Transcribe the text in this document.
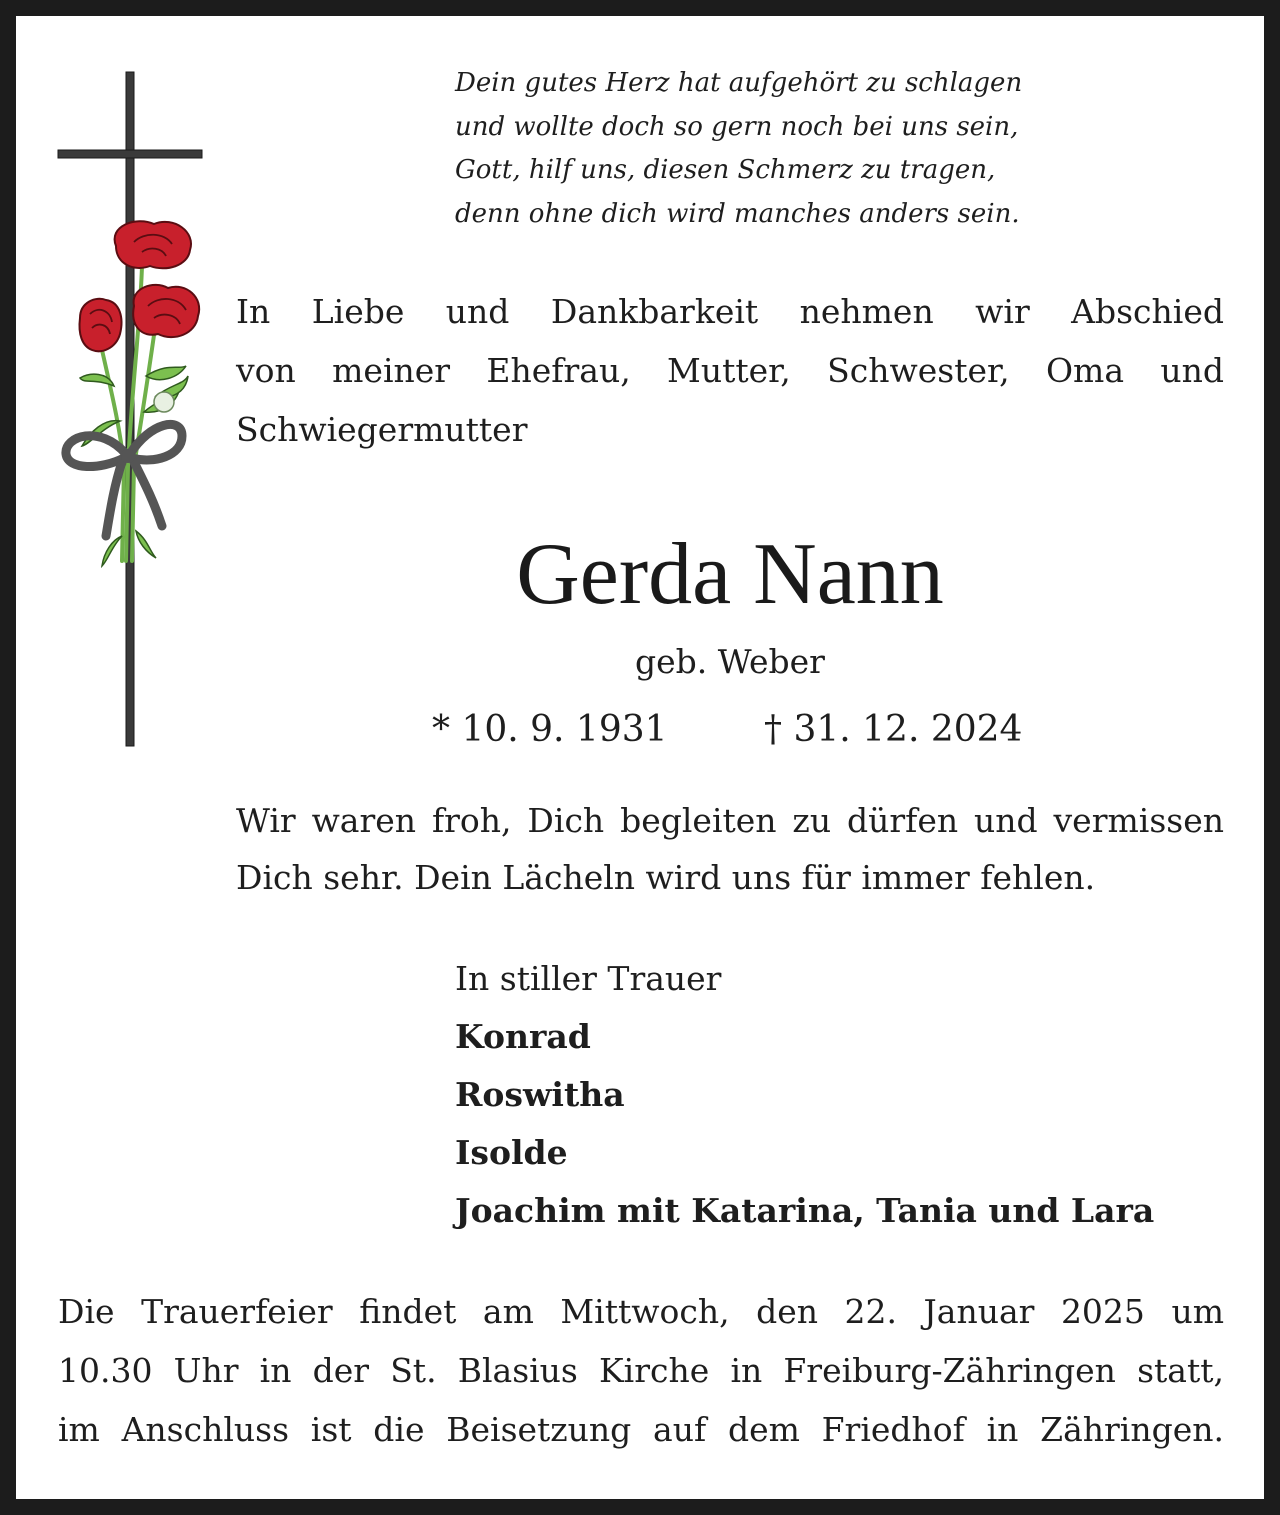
Dein gutes Herz hat aufgehört zu schlagen
und wollte doch so gern noch bei uns sein,
Gott, hilf uns, diesen Schmerz zu tragen,
denn ohne dich wird manches anders sein.
In Liebe und Dankbarkeit nehmen wir Abschied
von meiner Ehefrau, Mutter, Schwester, Oma und
Schwiegermutter
Gerda Nann
geb. Weber
* 10. 9. 1931	† 31. 12. 2024
Wir waren froh, Dich begleiten zu dürfen und vermissen
Dich sehr. Dein Lächeln wird uns für immer fehlen.
In stiller Trauer
Konrad
Roswitha
Isolde
Joachim mit Katarina, Tania und Lara
Die Trauerfeier findet am Mittwoch, den 22. Januar 2025 um
10.30 Uhr in der St. Blasius Kirche in Freiburg-Zähringen statt,
im Anschluss ist die Beisetzung auf dem Friedhof in Zähringen.
